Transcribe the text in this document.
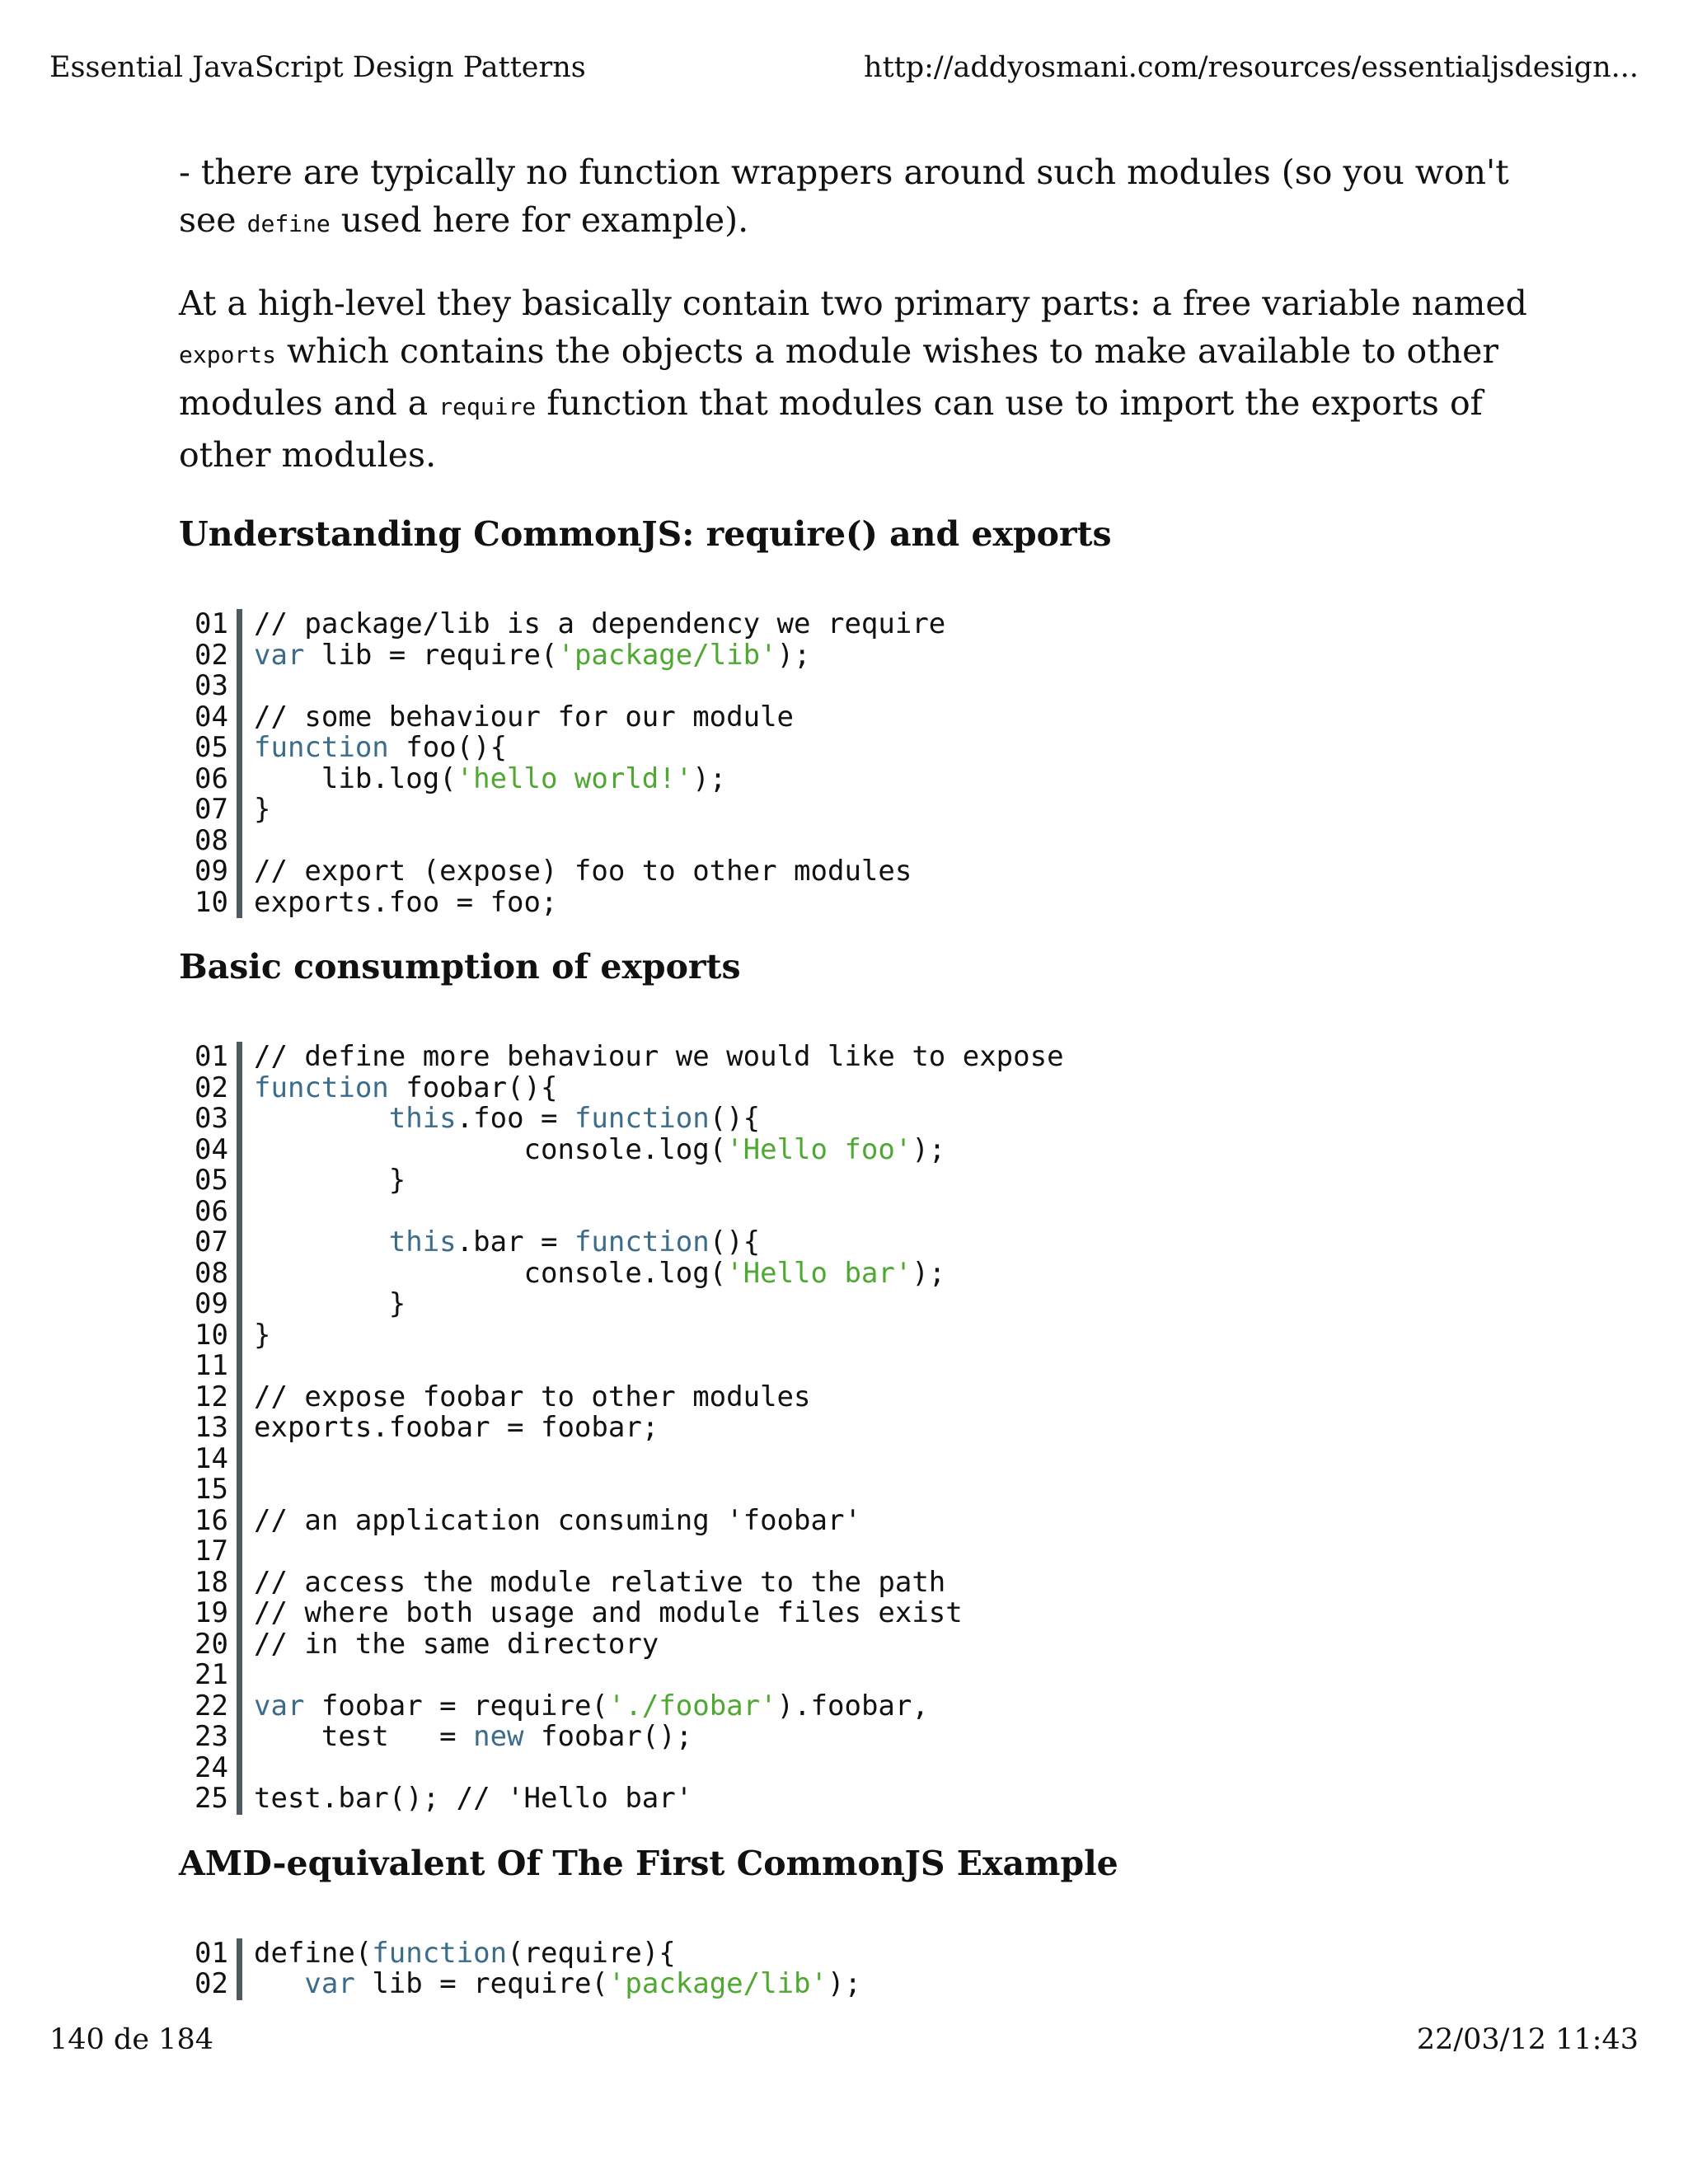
Essential JavaScript Design Patterns	http://addyosmani.com/resources/essentialjsdesign...

- there are typically no function wrappers around such modules (so you won't see define used here for example).

At a high-level they basically contain two primary parts: a free variable named exports which contains the objects a module wishes to make available to other modules and a require function that modules can use to import the exports of other modules.

Understanding CommonJS: require() and exports
01 // package/lib is a dependency we require
02 var lib = require('package/lib');
03
04 // some behaviour for our module
05 function foo(){
06 lib.log('hello world!');
07 }
08
09 // export (expose) foo to other modules
10 exports.foo = foo;
Basic consumption of exports
01 // define more behaviour we would like to expose
02 function foobar(){
03	this.foo = function(){
04 console.log('Hello foo');
05 }
06
07	this.bar = function(){
08 console.log('Hello bar');
09 }
10 }
11
12 // expose foobar to other modules
13 exports.foobar = foobar;
14
15
16 // an application consuming 'foobar'
17
18 // access the module relative to the path
19 // where both usage and module files exist
20 // in the same directory
21
22 var foobar = require('./foobar').foobar,
23 test   = new foobar();
24
25 test.bar(); // 'Hello bar'
AMD-equivalent Of The First CommonJS Example
01 define(function(require){
02	var lib = require('package/lib');
140 de 184	22/03/12 11:43
